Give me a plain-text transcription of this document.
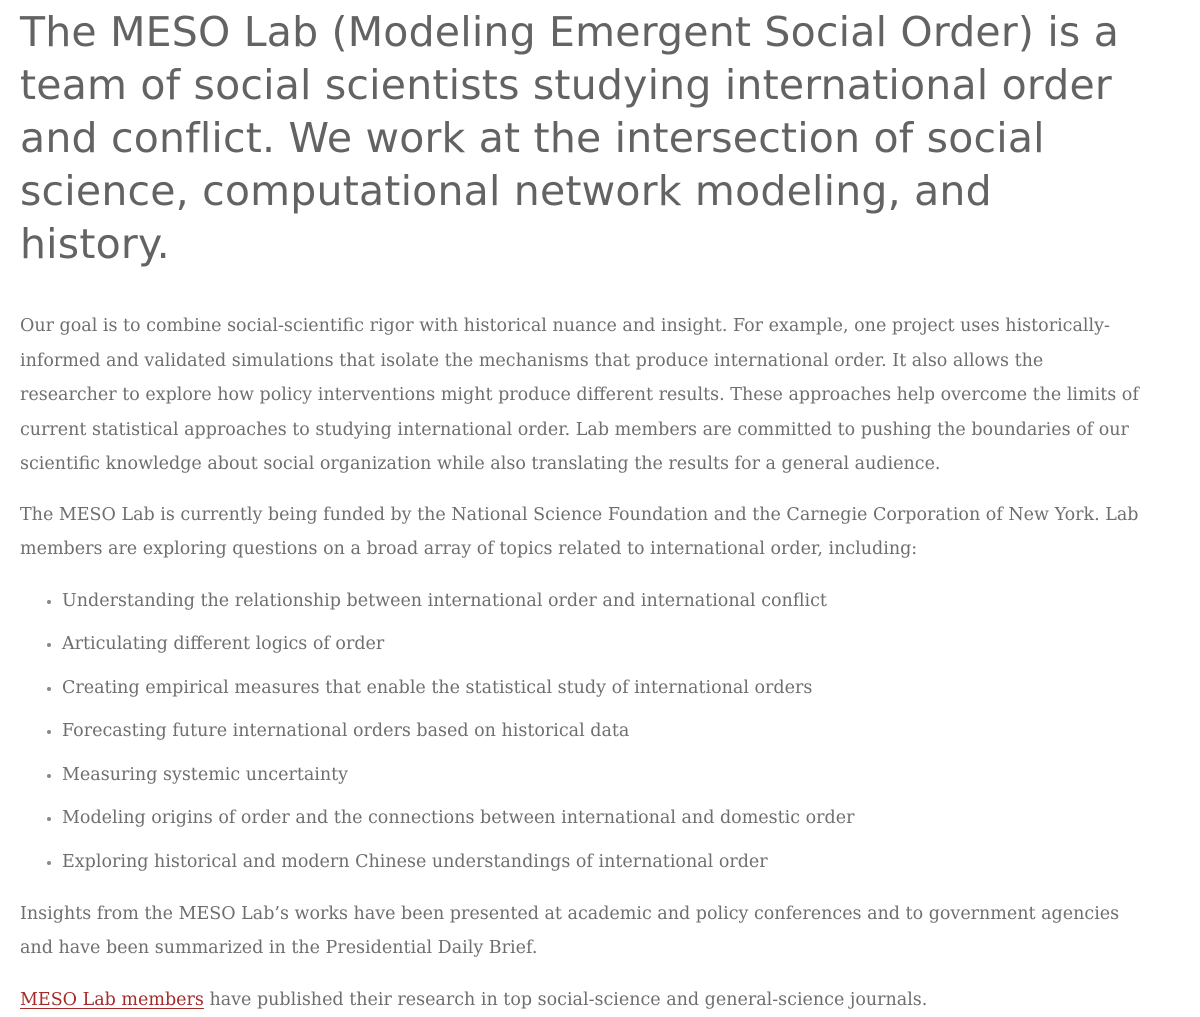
The MESO Lab (Modeling Emergent Social Order) is a team of social scientists studying international order and conflict. We work at the intersection of social science, computational network modeling, and history.

Our goal is to combine social-scientific rigor with historical nuance and insight. For example, one project uses historically-informed and validated simulations that isolate the mechanisms that produce international order. It also allows the researcher to explore how policy interventions might produce different results. These approaches help overcome the limits of current statistical approaches to studying international order. Lab members are committed to pushing the boundaries of our scientific knowledge about social organization while also translating the results for a general audience.

The MESO Lab is currently being funded by the National Science Foundation and the Carnegie Corporation of New York. Lab members are exploring questions on a broad array of topics related to international order, including:

Understanding the relationship between international order and international conflict
Articulating different logics of order
Creating empirical measures that enable the statistical study of international orders
Forecasting future international orders based on historical data
Measuring systemic uncertainty
Modeling origins of order and the connections between international and domestic order
Exploring historical and modern Chinese understandings of international order

Insights from the MESO Lab’s works have been presented at academic and policy conferences and to government agencies and have been summarized in the Presidential Daily Brief.

MESO Lab members have published their research in top social-science and general-science journals.
